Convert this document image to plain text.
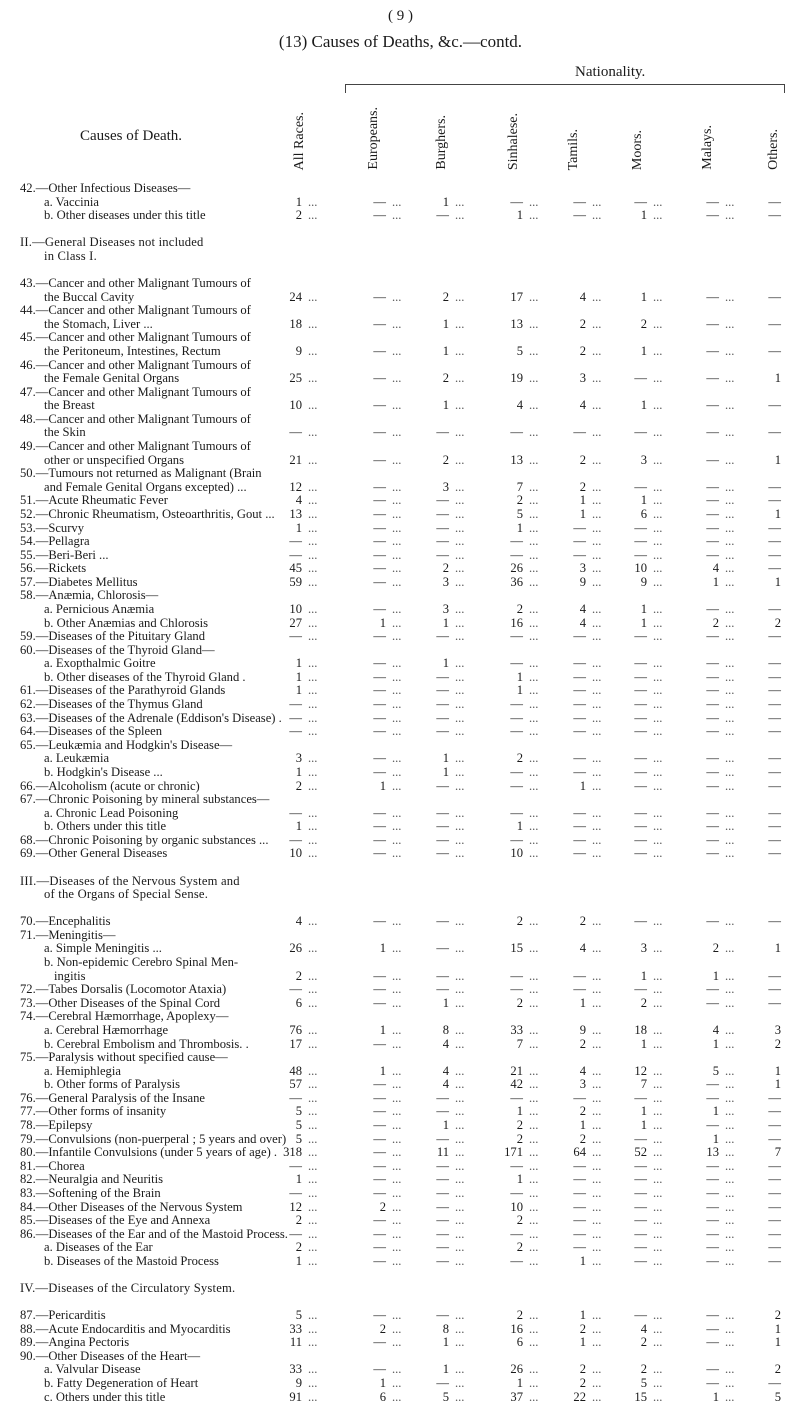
( 9 )
(13) Causes of Deaths, &c.—contd.
Nationality.
Causes of Death.	All Races.	Europeans.	Burghers.	Sinhalese.	Tamils.	Moors.	Malays.	Others.
42.—Other Infectious Diseases—
a. Vaccinia	1 ...	— ...	1 ...	— ...	— ...	— ...	— ...	—
b. Other diseases under this title	2 ...	— ...	— ...	1 ...	— ...	1 ...	— ...	—
II.—General Diseases not included
in Class I.
43.—Cancer and other Malignant Tumours of
the Buccal Cavity	24 ...	— ...	2 ...	17 ...	4 ...	1 ...	— ...	—
44.—Cancer and other Malignant Tumours of
the Stomach, Liver ...	18 ...	— ...	1 ...	13 ...	2 ...	2 ...	— ...	—
45.—Cancer and other Malignant Tumours of
the Peritoneum, Intestines, Rectum	9 ...	— ...	1 ...	5 ...	2 ...	1 ...	— ...	—
46.—Cancer and other Malignant Tumours of
the Female Genital Organs	25 ...	— ...	2 ...	19 ...	3 ...	— ...	— ...	1
47.—Cancer and other Malignant Tumours of
the Breast	10 ...	— ...	1 ...	4 ...	4 ...	1 ...	— ...	—
48.—Cancer and other Malignant Tumours of
the Skin	— ...	— ...	— ...	— ...	— ...	— ...	— ...	—
49.—Cancer and other Malignant Tumours of
other or unspecified Organs	21 ...	— ...	2 ...	13 ...	2 ...	3 ...	— ...	1
50.—Tumours not returned as Malignant (Brain
and Female Genital Organs excepted) ...	12 ...	— ...	3 ...	7 ...	2 ...	— ...	— ...	—
51.—Acute Rheumatic Fever	4 ...	— ...	— ...	2 ...	1 ...	1 ...	— ...	—
52.—Chronic Rheumatism, Osteoarthritis, Gout ...	13 ...	— ...	— ...	5 ...	1 ...	6 ...	— ...	1
53.—Scurvy	1 ...	— ...	— ...	1 ...	— ...	— ...	— ...	—
54.—Pellagra	— ...	— ...	— ...	— ...	— ...	— ...	— ...	—
55.—Beri-Beri ...	— ...	— ...	— ...	— ...	— ...	— ...	— ...	—
56.—Rickets	45 ...	— ...	2 ...	26 ...	3 ...	10 ...	4 ...	—
57.—Diabetes Mellitus	59 ...	— ...	3 ...	36 ...	9 ...	9 ...	1 ...	1
58.—Anæmia, Chlorosis—
a. Pernicious Anæmia	10 ...	— ...	3 ...	2 ...	4 ...	1 ...	— ...	—
b. Other Anæmias and Chlorosis	27 ...	1 ...	1 ...	16 ...	4 ...	1 ...	2 ...	2
59.—Diseases of the Pituitary Gland	— ...	— ...	— ...	— ...	— ...	— ...	— ...	—
60.—Diseases of the Thyroid Gland—
a. Exopthalmic Goitre	1 ...	— ...	1 ...	— ...	— ...	— ...	— ...	—
b. Other diseases of the Thyroid Gland .	1 ...	— ...	— ...	1 ...	— ...	— ...	— ...	—
61.—Diseases of the Parathyroid Glands	1 ...	— ...	— ...	1 ...	— ...	— ...	— ...	—
62.—Diseases of the Thymus Gland	— ...	— ...	— ...	— ...	— ...	— ...	— ...	—
63.—Diseases of the Adrenale (Eddison's Disease) . — ...	— ...	— ...	— ...	— ...	— ...	— ...	—
64.—Diseases of the Spleen	— ...	— ...	— ...	— ...	— ...	— ...	— ...	—
65.—Leukæmia and Hodgkin's Disease—
a. Leukæmia	3 ...	— ...	1 ...	2 ...	— ...	— ...	— ...	—
b. Hodgkin's Disease ...	1 ...	— ...	1 ...	— ...	— ...	— ...	— ...	—
66.—Alcoholism (acute or chronic)	2 ...	1 ...	— ...	— ...	1 ...	— ...	— ...	—
67.—Chronic Poisoning by mineral substances—
a. Chronic Lead Poisoning	— ...	— ...	— ...	— ...	— ...	— ...	— ...	—
b. Others under this title	1 ...	— ...	— ...	1 ...	— ...	— ...	— ...	—
68.—Chronic Poisoning by organic substances ...	— ...	— ...	— ...	— ...	— ...	— ...	— ...	—
69.—Other General Diseases	10 ...	— ...	— ...	10 ...	— ...	— ...	— ...	—
III.—Diseases of the Nervous System and
of the Organs of Special Sense.
70.—Encephalitis	4 ...	— ...	— ...	2 ...	2 ...	— ...	— ...	—
71.—Meningitis—
a. Simple Meningitis ...	26 ...	1 ...	— ...	15 ...	4 ...	3 ...	2 ...	1
b. Non-epidemic Cerebro Spinal Men-
ingitis	2 ...	— ...	— ...	— ...	— ...	1 ...	1 ...	—
72.—Tabes Dorsalis (Locomotor Ataxia)	— ...	— ...	— ...	— ...	— ...	— ...	— ...	—
73.—Other Diseases of the Spinal Cord	6 ...	— ...	1 ...	2 ...	1 ...	2 ...	— ...	—
74.—Cerebral Hæmorrhage, Apoplexy—
a. Cerebral Hæmorrhage	76 ...	1 ...	8 ...	33 ...	9 ...	18 ...	4 ...	3
b. Cerebral Embolism and Thrombosis. .	17 ...	— ...	4 ...	7 ...	2 ...	1 ...	1 ...	2
75.—Paralysis without specified cause—
a. Hemiphlegia	48 ...	1 ...	4 ...	21 ...	4 ...	12 ...	5 ...	1
b. Other forms of Paralysis	57 ...	— ...	4 ...	42 ...	3 ...	7 ...	— ...	1
76.—General Paralysis of the Insane	— ...	— ...	— ...	— ...	— ...	— ...	— ...	—
77.—Other forms of insanity	5 ...	— ...	— ...	1 ...	2 ...	1 ...	1 ...	—
78.—Epilepsy	5 ...	— ...	1 ...	2 ...	1 ...	1 ...	— ...	—
79.—Convulsions (non-puerperal ; 5 years and over) 5 ...	— ...	— ...	2 ...	2 ...	— ...	1 ...	—
80.—Infantile Convulsions (under 5 years of age) . 318 ...	— ...	11 ...	171 ...	64 ...	52 ...	13 ...	7
81.—Chorea	— ...	— ...	— ...	— ...	— ...	— ...	— ...	—
82.—Neuralgia and Neuritis	1 ...	— ...	— ...	1 ...	— ...	— ...	— ...	—
83.—Softening of the Brain	— ...	— ...	— ...	— ...	— ...	— ...	— ...	—
84.—Other Diseases of the Nervous System	12 ...	2 ...	— ...	10 ...	— ...	— ...	— ...	—
85.—Diseases of the Eye and Annexa	2 ...	— ...	— ...	2 ...	— ...	— ...	— ...	—
86.—Diseases of the Ear and of the Mastoid Process. — ...	— ...	— ...	— ...	— ...	— ...	— ...	—
a. Diseases of the Ear	2 ...	— ...	— ...	2 ...	— ...	— ...	— ...	—
b. Diseases of the Mastoid Process	1 ...	— ...	— ...	— ...	1 ...	— ...	— ...	—
IV.—Diseases of the Circulatory System.
87.—Pericarditis	5 ...	— ...	— ...	2 ...	1 ...	— ...	— ...	2
88.—Acute Endocarditis and Myocarditis	33 ...	2 ...	8 ...	16 ...	2 ...	4 ...	— ...	1
89.—Angina Pectoris	11 ...	— ...	1 ...	6 ...	1 ...	2 ...	— ...	1
90.—Other Diseases of the Heart—
a. Valvular Disease	33 ...	— ...	1 ...	26 ...	2 ...	2 ...	— ...	2
b. Fatty Degeneration of Heart	9 ...	1 ...	— ...	1 ...	2 ...	5 ...	— ...	—
c. Others under this title	91 ...	6 ...	5 ...	37 ...	22 ...	15 ...	1 ...	5
